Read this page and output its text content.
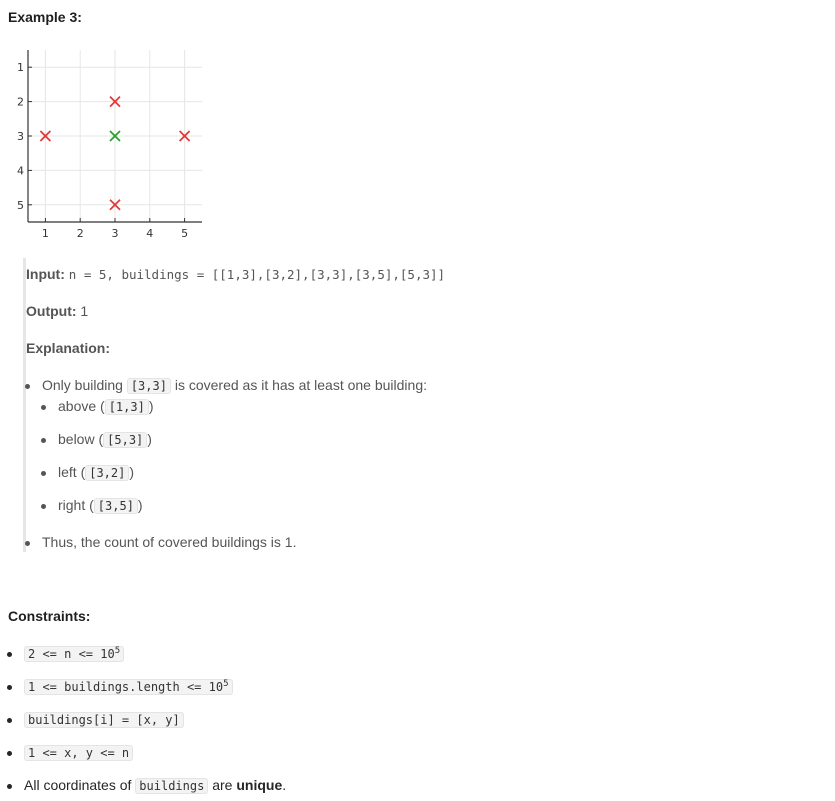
Example 3:
1	2	3	4	5
1
2
3
4
5
Input: n = 5, buildings = [[1,3],[3,2],[3,3],[3,5],[5,3]]
Output: 1
Explanation:
Only building [3,3] is covered as it has at least one building:
above ( [1,3] )
below ( [5,3] )
left ( [3,2] )
right ( [3,5] )
Thus, the count of covered buildings is 1.
Constraints:
$2 <= n <= 10^5$
1 <= buildings.length <= $10^5$
buildings[i] = [x, y]
1 <= x, y <= n
All coordinates of buildings are unique.
